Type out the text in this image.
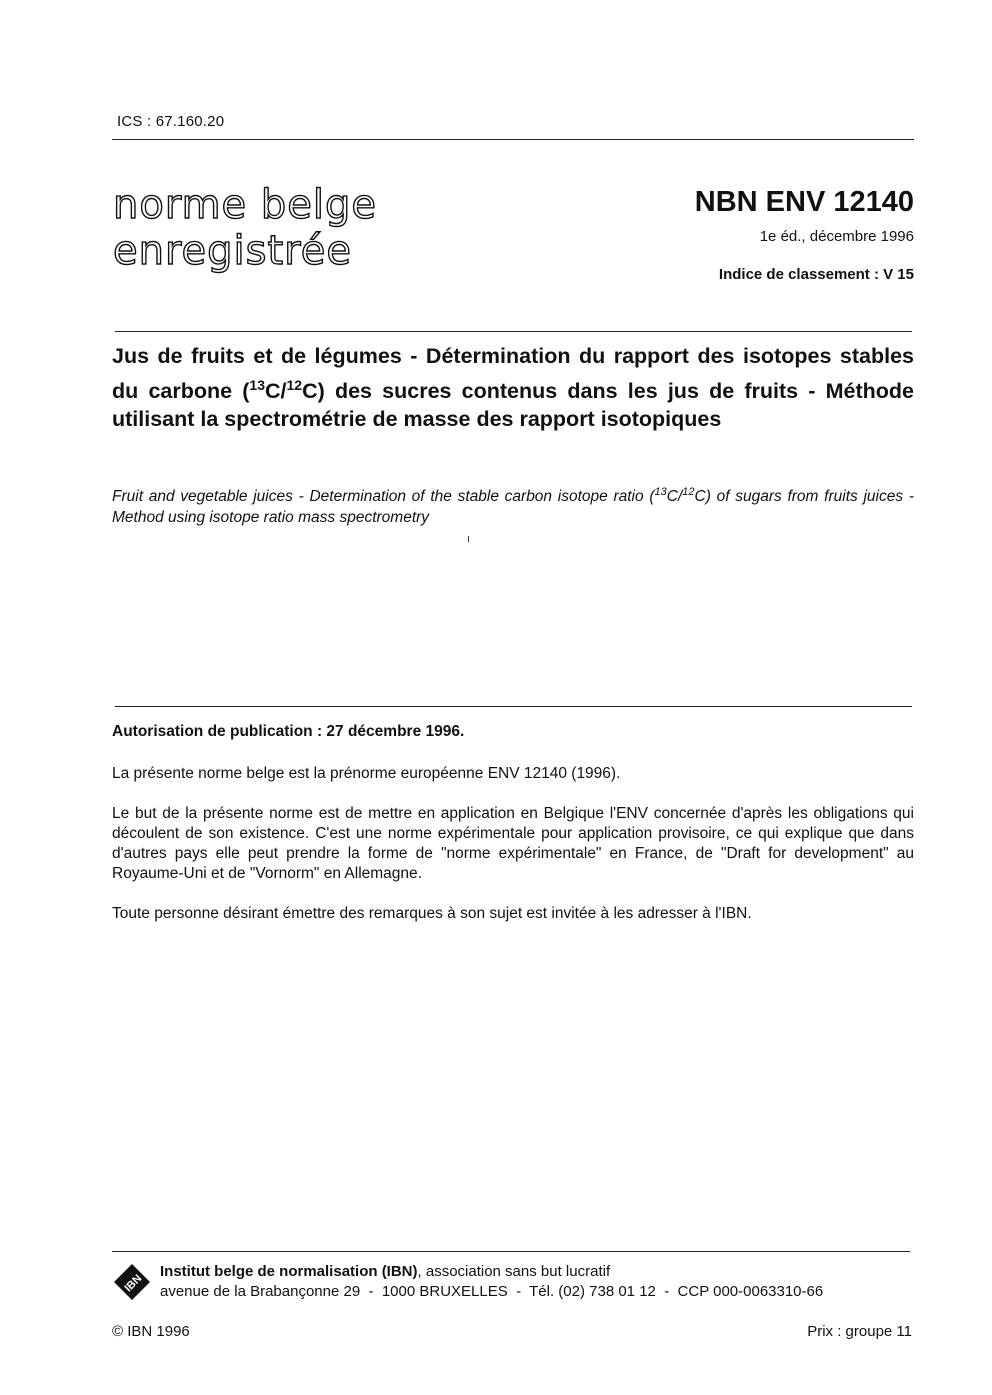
ICS : 67.160.20
norme belge
enregistrée
NBN ENV 12140
1e éd., décembre 1996
Indice de classement : V 15
Jus de fruits et de légumes - Détermination du rapport des isotopes stables du carbone ($^{13}$C/$^{12}$C) des sucres contenus dans les jus de fruits - Méthode utilisant la spectrométrie de masse des rapport isotopiques
Fruit and vegetable juices - Determination of the stable carbon isotope ratio ($^{13}$C/$^{12}$C) of sugars from fruits juices - Method using isotope ratio mass spectrometry
ı
Autorisation de publication : 27 décembre 1996.
La présente norme belge est la prénorme européenne ENV 12140 (1996).
Le but de la présente norme est de mettre en application en Belgique l'ENV concernée d'après les obligations qui découlent de son existence. C'est une norme expérimentale pour application provisoire, ce qui explique que dans d'autres pays elle peut prendre la forme de "norme expérimentale" en France, de "Draft for development" au Royaume-Uni et de "Vornorm" en Allemagne.
Toute personne désirant émettre des remarques à son sujet est invitée à les adresser à l'IBN.
IBN
Institut belge de normalisation (IBN), association sans but lucratif
avenue de la Brabançonne 29  -  1000 BRUXELLES  -  Tél. (02) 738 01 12  -  CCP 000-0063310-66
© IBN 1996	Prix : groupe 11
